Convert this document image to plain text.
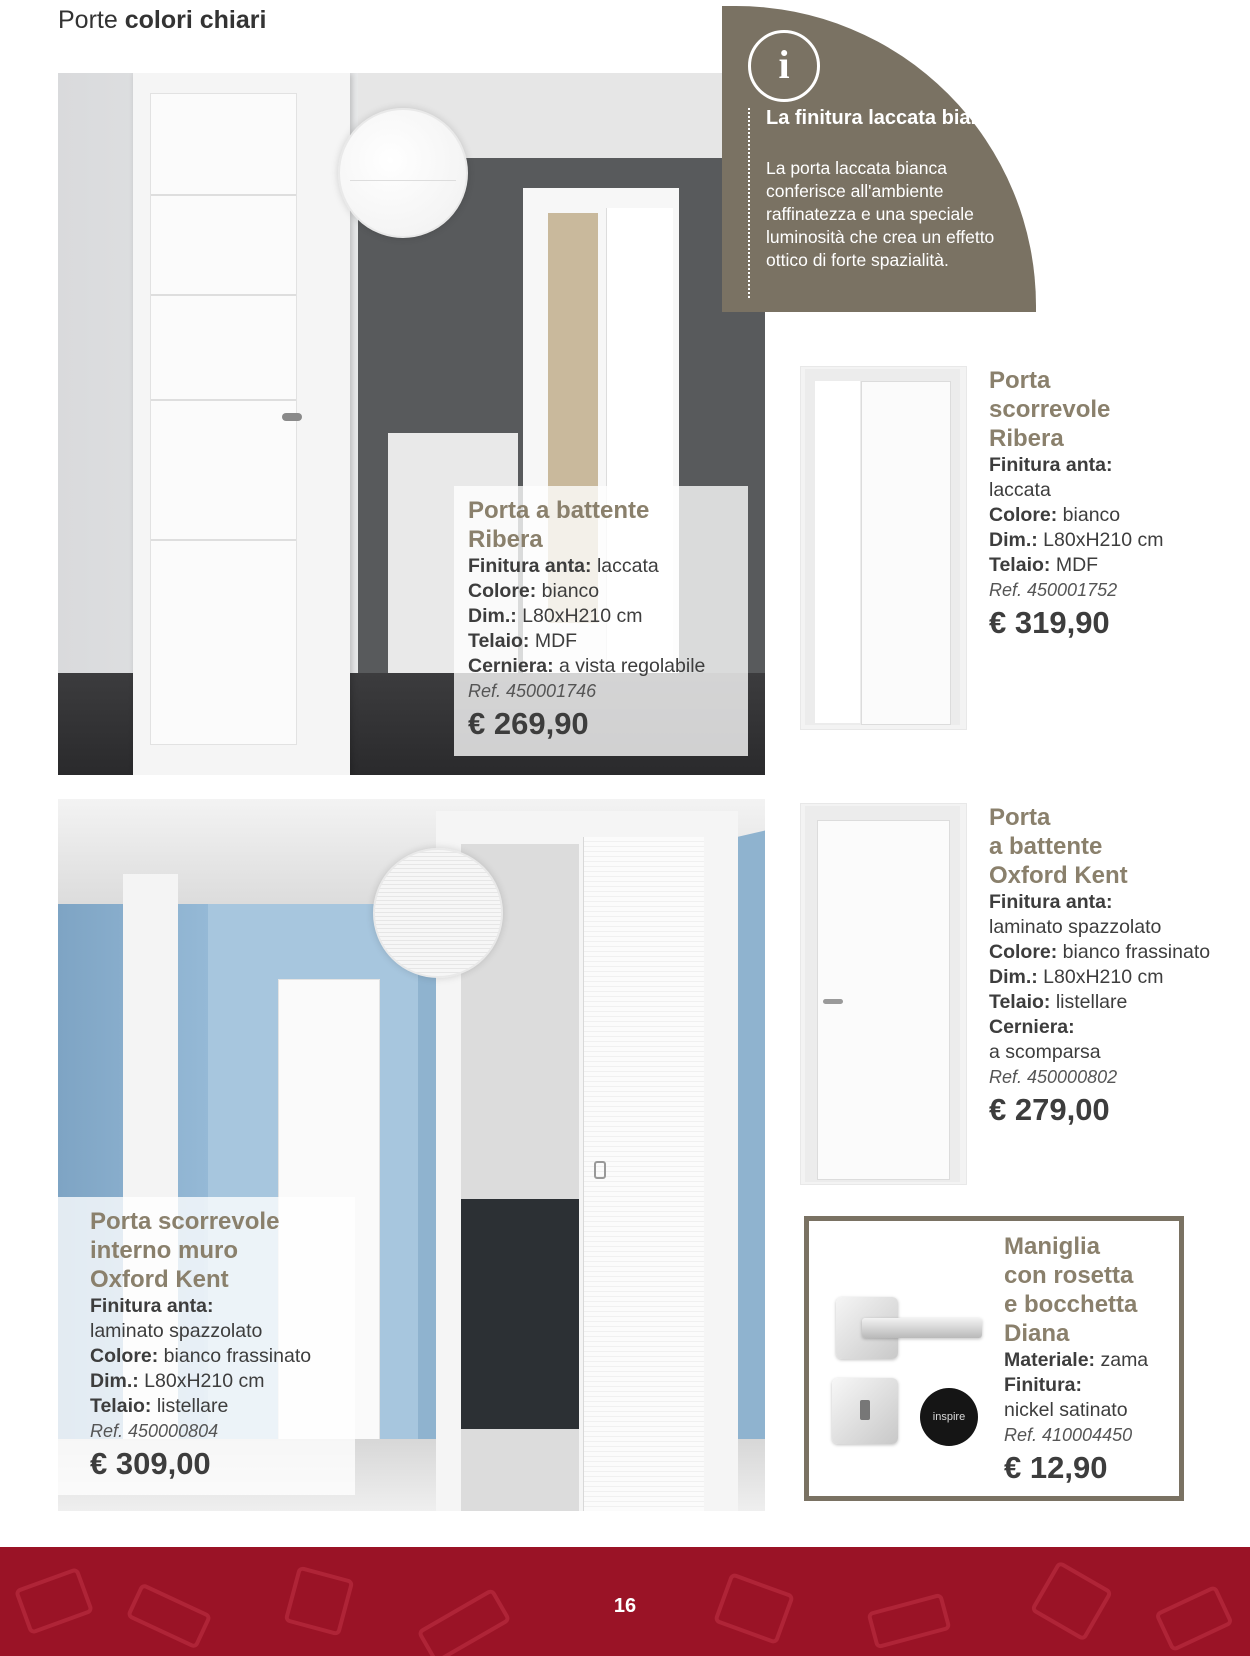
Porte colori chiari
Porta a battente
Ribera
Finitura anta: laccata
Colore: bianco
Dim.: L80xH210 cm
Telaio: MDF
Cerniera: a vista regolabile
Ref. 450001746
€ 269,90
i
La finitura laccata bianca
La porta laccata bianca conferisce all'ambiente raffinatezza e una speciale luminosità che crea un effetto ottico di forte spazialità.
Porta
scorrevole
Ribera
Finitura anta:
laccata
Colore: bianco
Dim.: L80xH210 cm
Telaio: MDF
Ref. 450001752
€ 319,90
Porta scorrevole
interno muro
Oxford Kent
Finitura anta:
laminato spazzolato
Colore: bianco frassinato
Dim.: L80xH210 cm
Telaio: listellare
Ref. 450000804
€ 309,00
Porta
a battente
Oxford Kent
Finitura anta:
laminato spazzolato
Colore: bianco frassinato
Dim.: L80xH210 cm
Telaio: listellare
Cerniera:
a scomparsa
Ref. 450000802
€ 279,00
inspire
Maniglia
con rosetta
e bocchetta
Diana
Materiale: zama
Finitura:
nickel satinato
Ref. 410004450
€ 12,90
16
